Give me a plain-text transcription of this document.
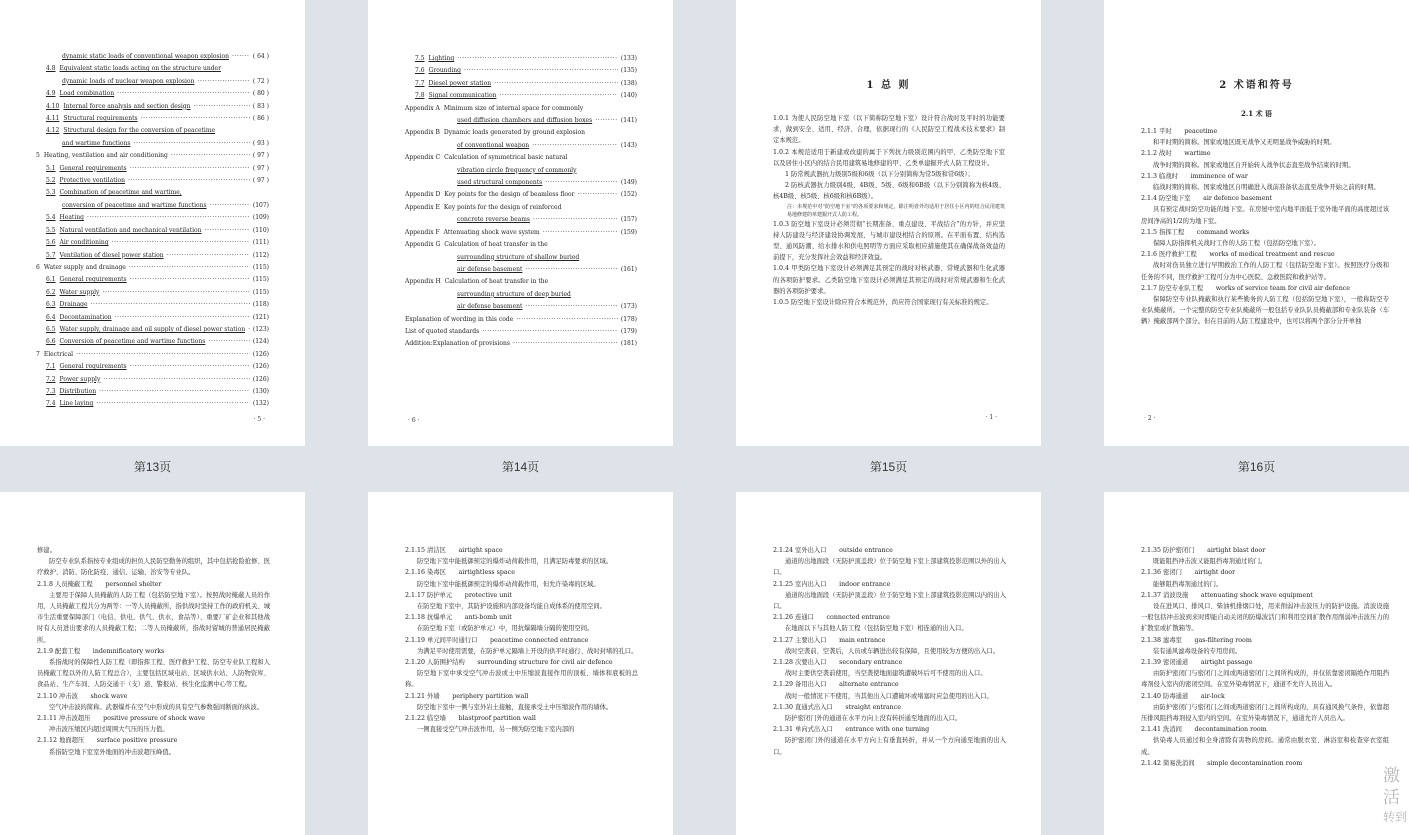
dynamic static loads of conventional weapon explosion ·····	( 64 )
4.8 Equivalent static loads acting on the structure under
dynamic loads of nuclear weapon explosion ·····	( 72 )
4.9 Load combination ·····	( 80 )
4.10 Internal force analysis and section design ·····	( 83 )
4.11 Structural requirements ·····	( 86 )
4.12 Structural design for the conversion of peacetime
and wartime functions ·····	( 93 )
5 Heating, ventilation and air conditioning ·····	( 97 )
5.1 General requirements ·····	( 97 )
5.2 Protective ventilation ·····	( 97 )
5.3 Combination of peacetime and wartime,
conversion of peacetime and wartime functions ·····	(107)
5.4 Heating ·····	(109)
5.5 Natural ventilation and mechanical ventilation ·····	(110)
5.6 Air conditioning ·····	(111)
5.7 Ventilation of diesel power station ·····	(112)
6 Water supply and drainage ·····	(115)
6.1 General requirements ·····	(115)
6.2 Water supply ·····	(115)
6.3 Drainage ·····	(118)
6.4 Decontamination ·····	(121)
6.5 Water supply, drainage and oil supply of diesel power station ····· (123)
6.6 Conversion of peacetime and wartime functions ·····	(124)
7 Electrical ·····	(126)
7.1 General requirements ·····	(126)
7.2 Power supply ·····	(126)
7.3 Distribution ·····	(130)
7.4 Line laying ·····	(132)
· 5 ·
7.5 Lighting ·····	(133)
7.6 Grounding ·····	(135)
7.7 Diesel power station ·····	(138)
7.8 Signal communication ·····	(140)
Appendix A Minimum size of internal space for commonly
used diffusion chambers and diffusion boxes ·····	(141)
Appendix B Dynamic loads generated by ground explosion
of conventional weapon ·····	(143)
Appendix C Calculation of symmetrical basic natural
vibration circle frequency of commonly
used structural components ·····	(149)
Appendix D Key points for the design of beamless floor ·····	(152)
Appendix E Key points for the design of reinforced
concrete reverse beams ·····	(157)
Appendix F Attenuating shock wave system ·····	(159)
Appendix G Calculation of heat transfer in the
surrounding structure of shallow buried
air defense basement ·····	(161)
Appendix H Calculation of heat transfer in the
surrounding structure of deep buried
air defense basement ·····	(173)
Explanation of wording in this code ·····	(178)
List of quoted standards ·····	(179)
Addition:Explanation of provisions ·····	(181)
· 6 ·
1 总 则

1.0.1 为使人民防空地下室（以下简称防空地下室）设计符合战时及平时的功能要求，做到安全、适用、经济、合理，依据现行的《人民防空工程战术技术要求》制定本规范。

1.0.2 本规范适用于新建或改建的属于下列抗力级别范围内的甲、乙类防空地下室以及居住小区内的结合民用建筑易地修建的甲、乙类单建掘开式人防工程设计。

1 防常规武器抗力级别5级和6级（以下分别简称为常5级和常6级）；

2 防核武器抗力级别4级、4B级、5级、6级和6B级（以下分别简称为核4级、核4B级、核5级、核6级和核6B级）。

注：本规范中对“防空地下室”的各项要求和规定，除注明者外均适用于居住小区内的结合民用建筑易地修建的单建掘开式人防工程。

1.0.3 防空地下室设计必须贯彻“长期准备、重点建设、平战结合”的方针，并应坚持人防建设与经济建设协调发展、与城市建设相结合的原则。在平面布置、结构选型、通风防潮、给水排水和供电照明等方面应采取相应措施使其在确保战备效益的前提下，充分发挥社会效益和经济效益。

1.0.4 甲类防空地下室设计必须满足其预定的战时对核武器、常规武器和生化武器的各项防护要求。乙类防空地下室设计必须满足其预定的战时对常规武器和生化武器的各项防护要求。

1.0.5 防空地下室设计除应符合本规范外，尚应符合国家现行有关标准的规定。

· 1 ·
2 术语和符号
2.1 术 语

2.1.1 平时　　peacetime

和平时期的简称。国家或地区既无战争又无明显战争威胁的时期。

2.1.2 战时　　wartime

战争时期的简称。国家或地区自开始转入战争状态直至战争结束的时期。

2.1.3 临战时　　imminence of war

临战时期的简称。国家或地区自明确进入战前准备状态直至战争开始之前的时期。

2.1.4 防空地下室　　air defence basement

具有预定战时防空功能的地下室。在房屋中室内地平面低于室外地平面的高度超过该房间净高的1/2的为地下室。

2.1.5 指挥工程　　command works

保障人防指挥机关战时工作的人防工程（包括防空地下室）。

2.1.6 医疗救护工程　　works of medical treatment and rescue

战时对伤员独立进行早期救治工作的人防工程（包括防空地下室）。按照医疗分级和任务的不同，医疗救护工程可分为中心医院、急救医院和救护站等。

2.1.7 防空专业队工程　　works of service team for civil air defence

保障防空专业队掩蔽和执行某些勤务的人防工程（包括防空地下室），一般称防空专业队掩蔽所。一个完整的防空专业队掩蔽所一般包括专业队队员掩蔽部和专业队装备（车辆）掩蔽部两个部分。但在目前的人防工程建设中，也可以将两个部分分开单独

· 2 ·
第13页	第14页	第15页	第16页

修建。

防空专业队系指按专业组成的担负人民防空勤务的组织，其中包括抢险抢修、医疗救护、消防、防化防疫、通信、运输、治安等专业队。

2.1.8 人员掩蔽工程　　personnel shelter

主要用于保障人员掩蔽的人防工程（包括防空地下室）。按照战时掩蔽人员的作用，人员掩蔽工程共分为两等：一等人员掩蔽所，指供战时坚持工作的政府机关、城市生活重要保障部门（电信、供电、供气、供水、食品等）、重要厂矿企业和其他战时有人员进出要求的人员掩蔽工程；二等人员掩蔽所，指战时留城的普通居民掩蔽所。

2.1.9 配套工程　　indemnificatory works

系指战时的保障性人防工程（即指挥工程、医疗救护工程、防空专业队工程和人员掩蔽工程以外的人防工程总合），主要包括区域电站、区域供水站、人防物资库、食品站、生产车间、人防交通干（支）道、警报站、核生化监测中心等工程。

2.1.10 冲击波　　shock wave

空气冲击波的简称。武器爆炸在空气中形成的具有空气参数强间断面的纵波。

2.1.11 冲击波超压　　positive pressure of shock wave

冲击波压缩区内超过周围大气压的压力值。

2.1.12 地面超压　　surface positive pressure

系指防空地下室室外地面的冲击波超压峰值。

2.1.15 清洁区　　airtight space

防空地下室中能抵御预定的爆炸动荷载作用，且满足防毒要求的区域。

2.1.16 染毒区　　airtightless space

防空地下室中能抵御预定的爆炸动荷载作用，但允许染毒的区域。

2.1.17 防护单元　　protective unit

在防空地下室中，其防护设施和内部设备均能自成体系的使用空间。

2.1.18 抗爆单元　　anti-bomb unit

在防空地下室（或防护单元）中，用抗爆隔墙分隔的使用空间。

2.1.19 单元间平时通行口　　peacetime connected entrance

为满足平时使用需要，在防护单元隔墙上开设的供平时通行、战时封堵的孔口。

2.1.20 人防围护结构　　surrounding structure for civil air defence

防空地下室中承受空气冲击波或土中压缩波直接作用的顶板、墙体和底板的总称。

2.1.21 外墙　　periphery partition wall

防空地下室中一侧与室外岩土接触，直接承受土中压缩波作用的墙体。

2.1.22 临空墙　　blastproof partition wall

一侧直接受空气冲击波作用，另一侧为防空地下室内部的

2.1.24 室外出入口　　outside entrance

通道的出地面段（无防护顶盖段）位于防空地下室上部建筑投影范围以外的出入口。

2.1.25 室内出入口　　indoor entrance

通道的出地面段（无防护顶盖段）位于防空地下室上部建筑投影范围以内的出入口。

2.1.26 连通口　　connected entrance

在地面以下与其他人防工程（包括防空地下室）相连通的出入口。

2.1.27 主要出入口　　main entrance

战时空袭前、空袭后，人员或车辆进出较有保障，且使用较为方便的出入口。

2.1.28 次要出入口　　secondary entrance

战时主要供空袭前使用，当空袭使地面建筑遭破坏后可不使用的出入口。

2.1.29 备用出入口　　alternate entrance

战时一般情况下不使用，当其他出入口遭破坏或堵塞时应急使用的出入口。

2.1.30 直通式出入口　　straight entrance

防护密闭门外的通道在水平方向上没有转折通至地面的出入口。

2.1.31 单向式出入口　　entrance with one turning

防护密闭门外的通道在水平方向上有垂直转折，并从一个方向通至地面的出入口。

2.1.35 防护密闭门　　airtight blast door

既能阻挡冲击波又能阻挡毒剂通过的门。

2.1.36 密闭门　　airtight door

能够阻挡毒剂通过的门。

2.1.37 消波设施　　attenuating shock wave equipment

设在进风口、排风口、柴油机排烟口处，用来削弱冲击波压力的防护设施。消波设施一般包括冲击波到来时即能自动关闭的防爆波活门和利用空间扩散作用削弱冲击波压力的扩散室或扩散箱等。

2.1.38 滤毒室　　gas-filtering room

装有通风滤毒设备的专用房间。

2.1.39 密闭通道　　airtight passage

由防护密闭门与密闭门之间或两道密闭门之间所构成的，并仅依靠密闭隔绝作用阻挡毒剂侵入室内的密闭空间。在室外染毒情况下，通道不允许人员出入。

2.1.40 防毒通道　　air-lock

由防护密闭门与密闭门之间或两道密闭门之间所构成的，具有通风换气条件，依靠超压排风阻挡毒剂侵入室内的空间。在室外染毒情况下，通道允许人员出入。

2.1.41 洗消间　　decontamination room

供染毒人员通过和全身清除有害物的房间。通常由脱衣室、淋浴室和检查穿衣室组成。

2.1.42 简易洗消间　　simple decontamination room

激活
转到
